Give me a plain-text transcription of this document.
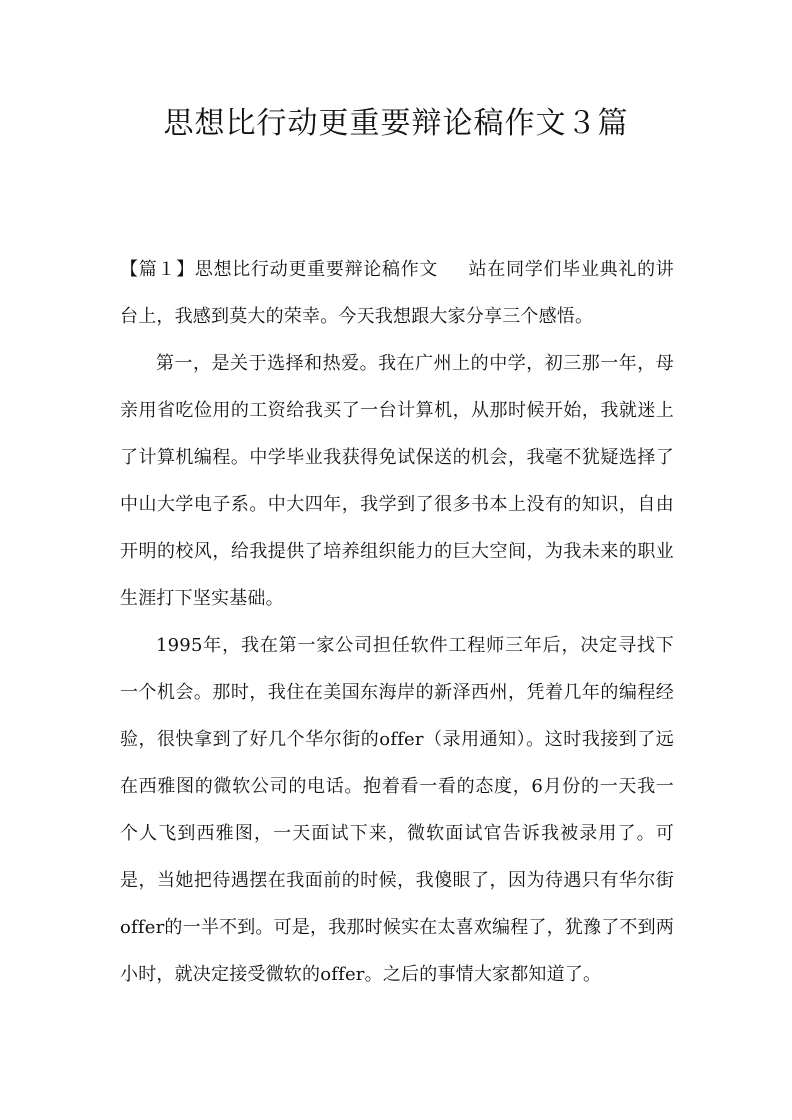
思想比行动更重要辩论稿作文３篇

【篇１】思想比行动更重要辩论稿作文 站在同学们毕业典礼的讲台上，我感到莫大的荣幸。今天我想跟大家分享三个感悟。

第一，是关于选择和热爱。我在广州上的中学，初三那一年，母亲用省吃俭用的工资给我买了一台计算机，从那时候开始，我就迷上了计算机编程。中学毕业我获得免试保送的机会，我毫不犹疑选择了中山大学电子系。中大四年，我学到了很多书本上没有的知识，自由开明的校风，给我提供了培养组织能力的巨大空间，为我未来的职业生涯打下坚实基础。

1995年，我在第一家公司担任软件工程师三年后，决定寻找下一个机会。那时，我住在美国东海岸的新泽西州，凭着几年的编程经验，很快拿到了好几个华尔街的offer（录用通知）。这时我接到了远在西雅图的微软公司的电话。抱着看一看的态度，6月份的一天我一个人飞到西雅图，一天面试下来，微软面试官告诉我被录用了。可是，当她把待遇摆在我面前的时候，我傻眼了，因为待遇只有华尔街offer的一半不到。可是，我那时候实在太喜欢编程了，犹豫了不到两小时，就决定接受微软的offer。之后的事情大家都知道了。
